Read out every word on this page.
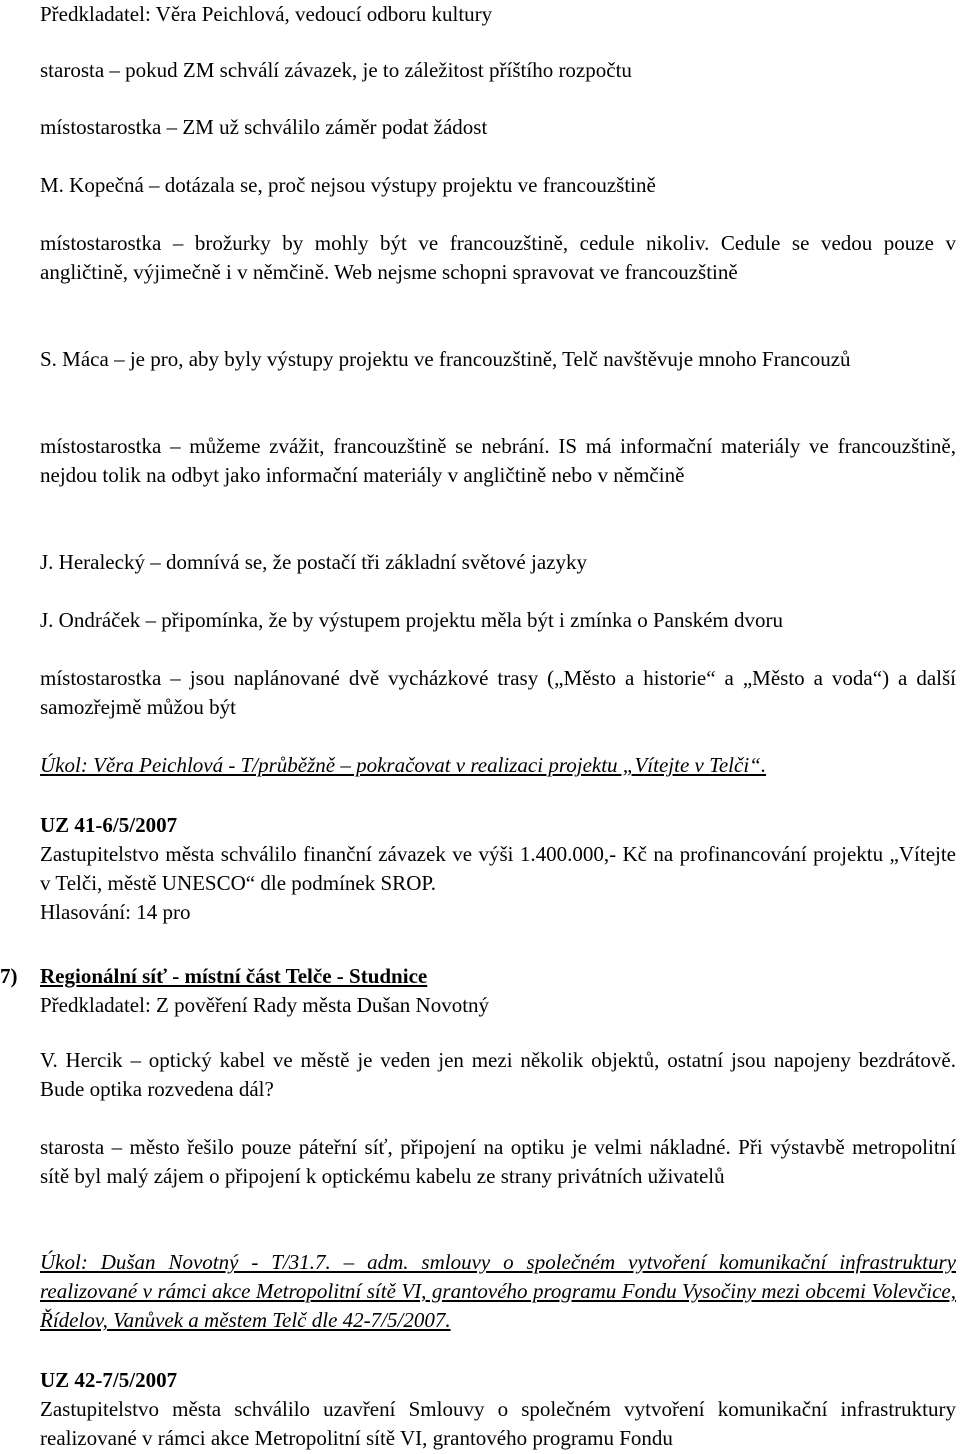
Předkladatel: Věra Peichlová, vedoucí odboru kultury

starosta – pokud ZM schválí závazek, je to záležitost příštího rozpočtu

místostarostka – ZM už schválilo záměr podat žádost

M. Kopečná – dotázala se, proč nejsou výstupy projektu ve francouzštině

místostarostka – brožurky by mohly být ve francouzštině, cedule nikoliv. Cedule se vedou pouze v angličtině, výjimečně i v němčině. Web nejsme schopni spravovat ve francouzštině

S. Máca – je pro, aby byly výstupy projektu ve francouzštině, Telč navštěvuje mnoho Francouzů

místostarostka – můžeme zvážit, francouzštině se nebrání. IS má informační materiály ve francouzštině, nejdou tolik na odbyt jako informační materiály v angličtině nebo v němčině

J. Heralecký – domnívá se, že postačí tři základní světové jazyky

J. Ondráček – připomínka, že by výstupem projektu měla být i zmínka o Panském dvoru

místostarostka – jsou naplánované dvě vycházkové trasy („Město a historie“ a „Město a voda“) a další samozřejmě můžou být

Úkol: Věra Peichlová - T/průběžně – pokračovat v realizaci projektu „Vítejte v Telči“.

UZ 41-6/5/2007

Zastupitelstvo města schválilo finanční závazek ve výši 1.400.000,- Kč na profinancování projektu „Vítejte v Telči, městě UNESCO“ dle podmínek SROP.

Hlasování: 14 pro

7) Regionální síť - místní část Telče - Studnice

Předkladatel: Z pověření Rady města Dušan Novotný

V. Hercik – optický kabel ve městě je veden jen mezi několik objektů, ostatní jsou napojeny bezdrátově. Bude optika rozvedena dál?

starosta – město řešilo pouze páteřní síť, připojení na optiku je velmi nákladné. Při výstavbě metropolitní sítě byl malý zájem o připojení k optickému kabelu ze strany privátních uživatelů

Úkol: Dušan Novotný - T/31.7. – adm. smlouvy o společném vytvoření komunikační infrastruktury realizované v rámci akce Metropolitní sítě VI, grantového programu Fondu Vysočiny mezi obcemi Volevčice, Řídelov, Vanůvek a městem Telč dle 42-7/5/2007.

UZ 42-7/5/2007

Zastupitelstvo města schválilo uzavření Smlouvy o společném vytvoření komunikační infrastruktury realizované v rámci akce Metropolitní sítě VI, grantového programu Fondu
